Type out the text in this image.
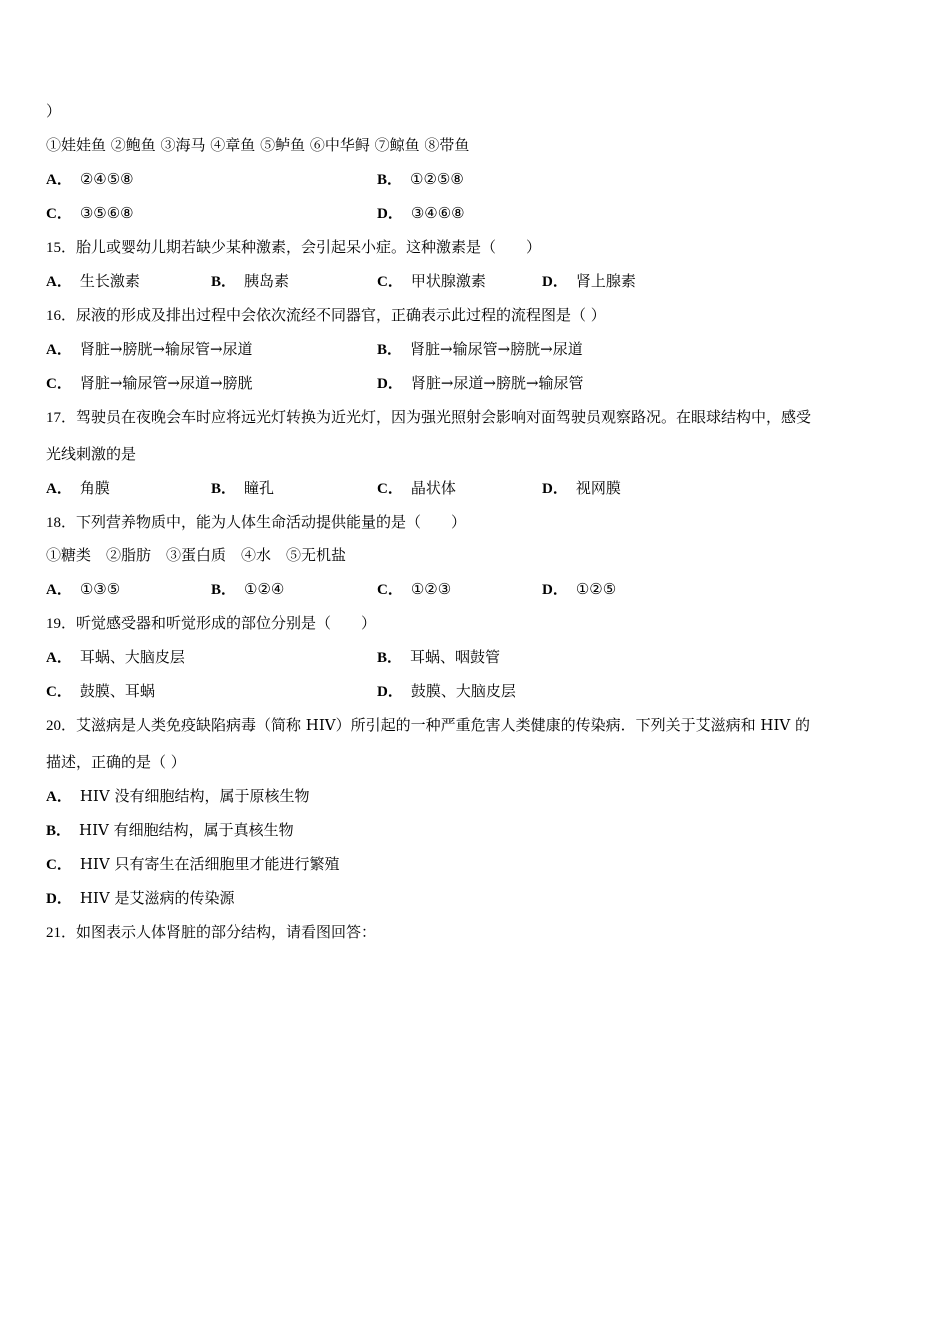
）
①娃娃鱼 ②鲍鱼 ③海马 ④章鱼 ⑤鲈鱼 ⑥中华鲟 ⑦鲸鱼 ⑧带鱼
A． ②④⑤⑧	B． ①②⑤⑧
C． ③⑤⑥⑧	D． ③④⑥⑧
15．胎儿或婴幼儿期若缺少某种激素，会引起呆小症。这种激素是（　　）
A． 生长激素	B． 胰岛素	C． 甲状腺激素	D． 肾上腺素
16．尿液的形成及排出过程中会依次流经不同器官，正确表示此过程的流程图是（ ）
A． 肾脏→膀胱→输尿管→尿道	B． 肾脏→输尿管→膀胱→尿道
C． 肾脏→输尿管→尿道→膀胱	D． 肾脏→尿道→膀胱→输尿管
17．驾驶员在夜晚会车时应将远光灯转换为近光灯，因为强光照射会影响对面驾驶员观察路况。在眼球结构中，感受
光线刺激的是
A． 角膜	B． 瞳孔	C． 晶状体	D． 视网膜
18．下列营养物质中，能为人体生命活动提供能量的是（　　）
①糖类　②脂肪　③蛋白质　④水　⑤无机盐
A． ①③⑤	B． ①②④	C． ①②③	D． ①②⑤
19．听觉感受器和听觉形成的部位分别是（　　）
A． 耳蜗、大脑皮层	B． 耳蜗、咽鼓管
C． 鼓膜、耳蜗	D． 鼓膜、大脑皮层
20．艾滋病是人类免疫缺陷病毒（简称 HIV）所引起的一种严重危害人类健康的传染病．下列关于艾滋病和 HIV 的
描述，正确的是（ ）
A． HIV 没有细胞结构，属于原核生物
B． HIV 有细胞结构，属于真核生物
C． HIV 只有寄生在活细胞里才能进行繁殖
D． HIV 是艾滋病的传染源
21．如图表示人体肾脏的部分结构，请看图回答：
